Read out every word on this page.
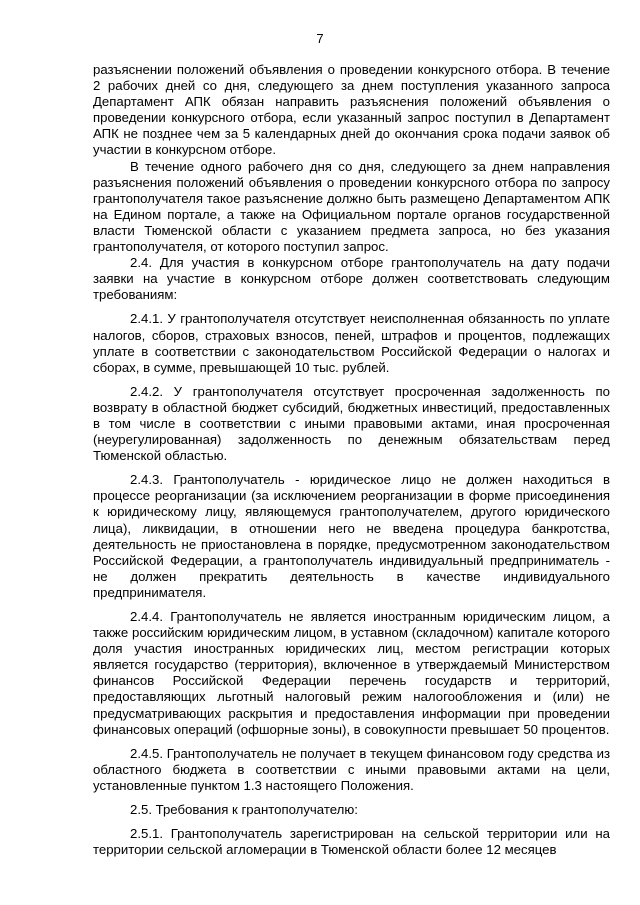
7

разъяснении положений объявления о проведении конкурсного отбора. В течение 2 рабочих дней со дня, следующего за днем поступления указанного запроса Департамент АПК обязан направить разъяснения положений объявления о проведении конкурсного отбора, если указанный запрос поступил в Департамент АПК не позднее чем за 5 календарных дней до окончания срока подачи заявок об участии в конкурсном отборе.

В течение одного рабочего дня со дня, следующего за днем направления разъяснения положений объявления о проведении конкурсного отбора по запросу грантополучателя такое разъяснение должно быть размещено Департаментом АПК на Едином портале, а также на Официальном портале органов государственной власти Тюменской области с указанием предмета запроса, но без указания грантополучателя, от которого поступил запрос.

2.4. Для участия в конкурсном отборе грантополучатель на дату подачи заявки на участие в конкурсном отборе должен соответствовать следующим требованиям:

2.4.1. У грантополучателя отсутствует неисполненная обязанность по уплате налогов, сборов, страховых взносов, пеней, штрафов и процентов, подлежащих уплате в соответствии с законодательством Российской Федерации о налогах и сборах, в сумме, превышающей 10 тыс. рублей.

2.4.2. У грантополучателя отсутствует просроченная задолженность по возврату в областной бюджет субсидий, бюджетных инвестиций, предоставленных в том числе в соответствии с иными правовыми актами, иная просроченная (неурегулированная) задолженность по денежным обязательствам перед Тюменской областью.

2.4.3. Грантополучатель - юридическое лицо не должен находиться в процессе реорганизации (за исключением реорганизации в форме присоединения к юридическому лицу, являющемуся грантополучателем, другого юридического лица), ликвидации, в отношении него не введена процедура банкротства, деятельность не приостановлена в порядке, предусмотренном законодательством Российской Федерации, а грантополучатель индивидуальный предприниматель - не должен прекратить деятельность в качестве индивидуального предпринимателя.

2.4.4. Грантополучатель не является иностранным юридическим лицом, а также российским юридическим лицом, в уставном (складочном) капитале которого доля участия иностранных юридических лиц, местом регистрации которых является государство (территория), включенное в утверждаемый Министерством финансов Российской Федерации перечень государств и территорий, предоставляющих льготный налоговый режим налогообложения и (или) не предусматривающих раскрытия и предоставления информации при проведении финансовых операций (офшорные зоны), в совокупности превышает 50 процентов.

2.4.5. Грантополучатель не получает в текущем финансовом году средства из областного бюджета в соответствии с иными правовыми актами на цели, установленные пунктом 1.3 настоящего Положения.

2.5. Требования к грантополучателю:

2.5.1. Грантополучатель зарегистрирован на сельской территории или на территории сельской агломерации в Тюменской области более 12 месяцев
